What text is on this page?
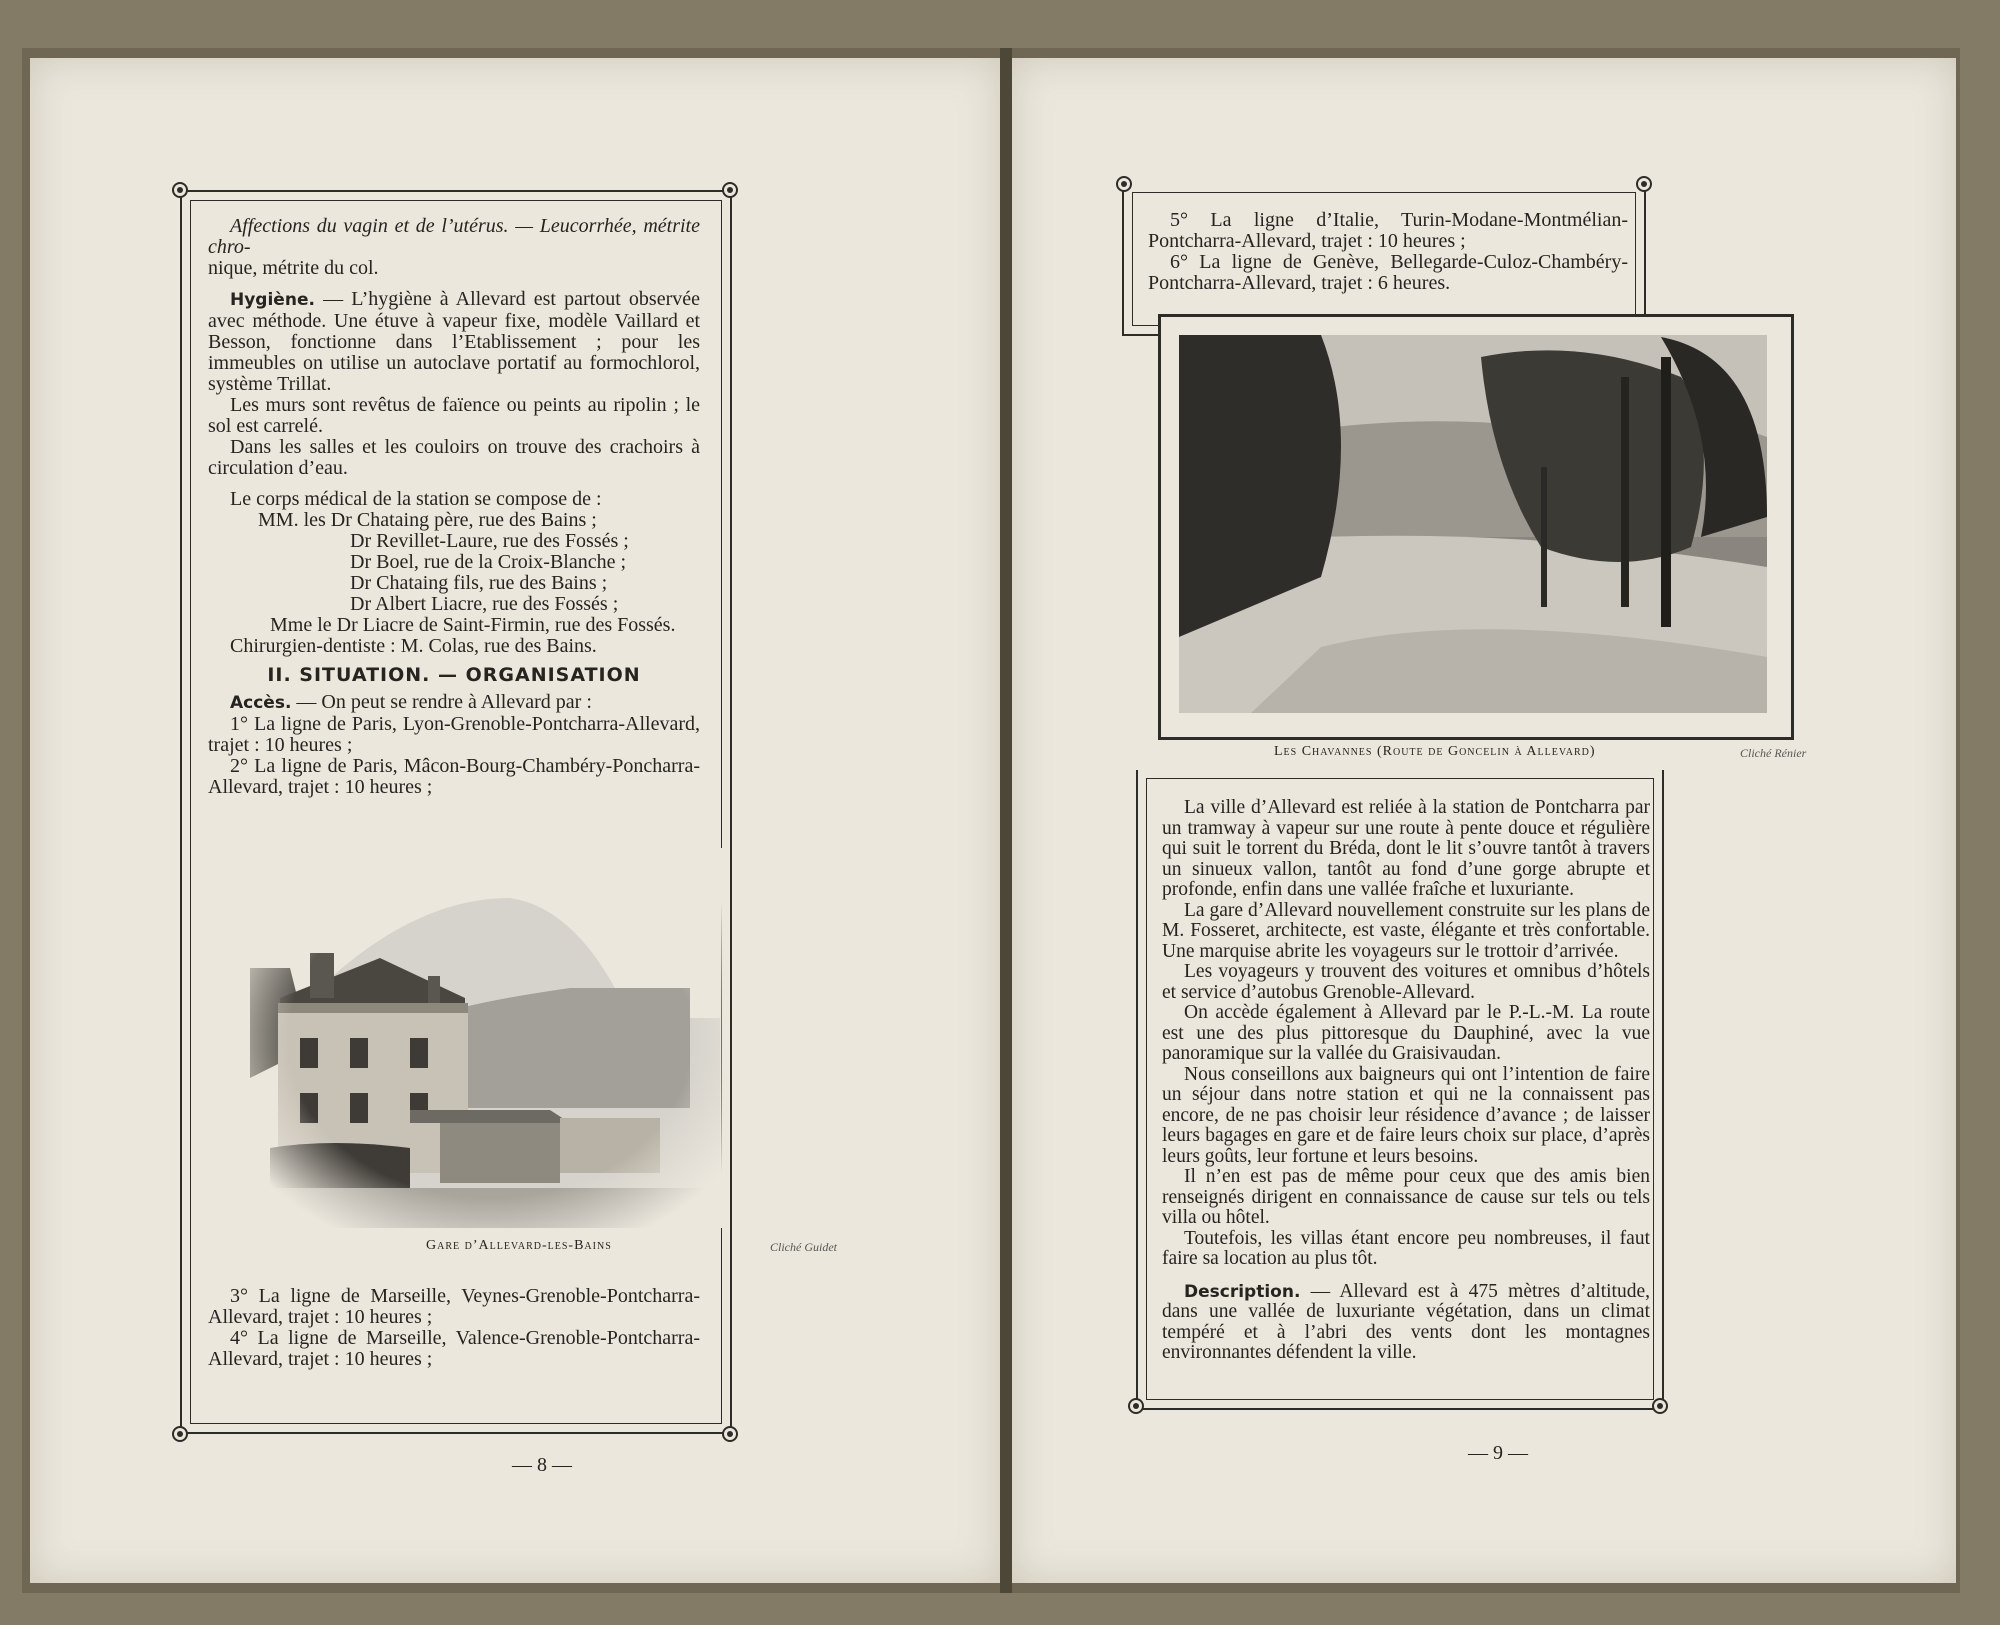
Affections du vagin et de l’utérus. — Leucorrhée, métrite chro-

nique, métrite du col.

Hygiène. — L’hygiène à Allevard est partout observée avec méthode. Une étuve à vapeur fixe, modèle Vaillard et Besson, fonctionne dans l’Etablissement ; pour les immeubles on utilise un autoclave portatif au formochlorol, système Trillat.

Les murs sont revêtus de faïence ou peints au ripolin ; le sol est carrelé.

Dans les salles et les couloirs on trouve des crachoirs à circulation d’eau.

Le corps médical de la station se compose de :

MM. les Dr Chataing père, rue des Bains ;

Dr Revillet-Laure, rue des Fossés ;

Dr Boel, rue de la Croix-Blanche ;

Dr Chataing fils, rue des Bains ;

Dr Albert Liacre, rue des Fossés ;

Mme le Dr Liacre de Saint-Firmin, rue des Fossés.

Chirurgien-dentiste : M. Colas, rue des Bains.

II. SITUATION. — ORGANISATION

Accès. — On peut se rendre à Allevard par :

1° La ligne de Paris, Lyon-Grenoble-Pontcharra-Allevard, trajet : 10 heures ;

2° La ligne de Paris, Mâcon-Bourg-Chambéry-Poncharra-Allevard, trajet : 10 heures ;

Gare d’Allevard-les-Bains	Cliché Guidet

3° La ligne de Marseille, Veynes-Grenoble-Pontcharra-Allevard, trajet : 10 heures ;

4° La ligne de Marseille, Valence-Grenoble-Pontcharra-Allevard, trajet : 10 heures ;

— 8 —

5° La ligne d’Italie, Turin-Modane-Montmélian-Pontcharra-Allevard, trajet : 10 heures ;

6° La ligne de Genève, Bellegarde-Culoz-Chambéry-Pontcharra-Allevard, trajet : 6 heures.

Les Chavannes (Route de Goncelin à Allevard)	Cliché Rénier

La ville d’Allevard est reliée à la station de Pontcharra par un tramway à vapeur sur une route à pente douce et régulière qui suit le torrent du Bréda, dont le lit s’ouvre tantôt à travers un sinueux vallon, tantôt au fond d’une gorge abrupte et profonde, enfin dans une vallée fraîche et luxuriante.

La gare d’Allevard nouvellement construite sur les plans de M. Fosseret, architecte, est vaste, élégante et très confortable. Une marquise abrite les voyageurs sur le trottoir d’arrivée.

Les voyageurs y trouvent des voitures et omnibus d’hôtels et service d’autobus Grenoble-Allevard.

On accède également à Allevard par le P.-L.-M. La route est une des plus pittoresque du Dauphiné, avec la vue panoramique sur la vallée du Graisivaudan.

Nous conseillons aux baigneurs qui ont l’intention de faire un séjour dans notre station et qui ne la connaissent pas encore, de ne pas choisir leur résidence d’avance ; de laisser leurs bagages en gare et de faire leurs choix sur place, d’après leurs goûts, leur fortune et leurs besoins.

Il n’en est pas de même pour ceux que des amis bien renseignés dirigent en connaissance de cause sur tels ou tels villa ou hôtel.

Toutefois, les villas étant encore peu nombreuses, il faut faire sa location au plus tôt.

Description. — Allevard est à 475 mètres d’altitude, dans une vallée de luxuriante végétation, dans un climat tempéré et à l’abri des vents dont les montagnes environnantes défendent la ville.

— 9 —
